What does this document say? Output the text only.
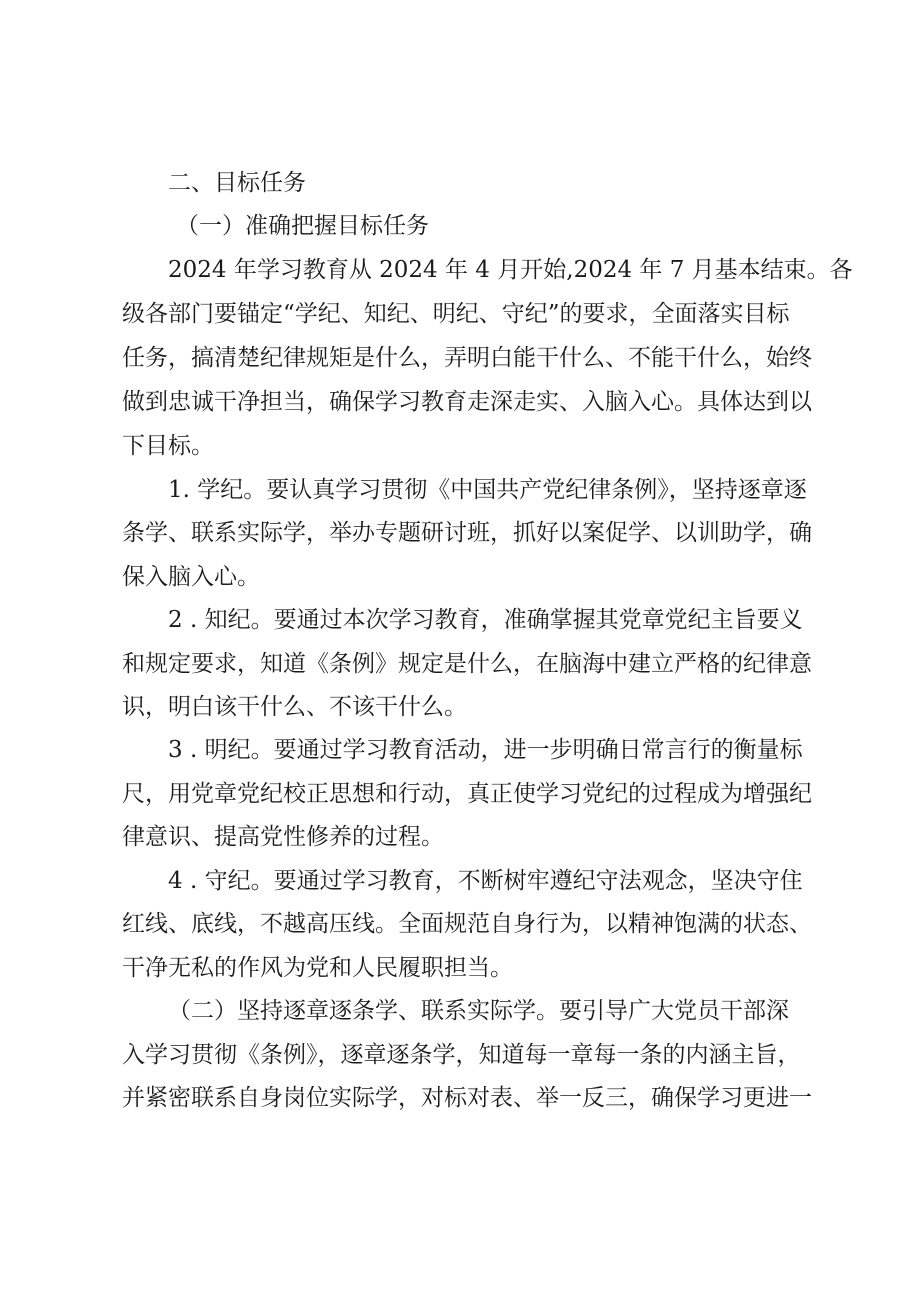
二、目标任务
（一）准确把握目标任务
2024 年学习教育从 2024 年 4 月开始,2024 年 7 月基本结束。各
级各部门要锚定“学纪、知纪、明纪、守纪”的要求，全面落实目标
任务，搞清楚纪律规矩是什么，弄明白能干什么、不能干什么，始终
做到忠诚干净担当，确保学习教育走深走实、入脑入心。具体达到以
下目标。
1. 学纪。要认真学习贯彻《中国共产党纪律条例》，坚持逐章逐
条学、联系实际学，举办专题研讨班，抓好以案促学、以训助学，确
保入脑入心。
2 . 知纪。要通过本次学习教育，准确掌握其党章党纪主旨要义
和规定要求，知道《条例》规定是什么，在脑海中建立严格的纪律意
识，明白该干什么、不该干什么。
3 . 明纪。要通过学习教育活动，进一步明确日常言行的衡量标
尺，用党章党纪校正思想和行动，真正使学习党纪的过程成为增强纪
律意识、提高党性修养的过程。
4 . 守纪。要通过学习教育，不断树牢遵纪守法观念，坚决守住
红线、底线，不越高压线。全面规范自身行为，以精神饱满的状态、
干净无私的作风为党和人民履职担当。
（二）坚持逐章逐条学、联系实际学。要引导广大党员干部深
入学习贯彻《条例》，逐章逐条学，知道每一章每一条的内涵主旨，
并紧密联系自身岗位实际学，对标对表、举一反三，确保学习更进一
